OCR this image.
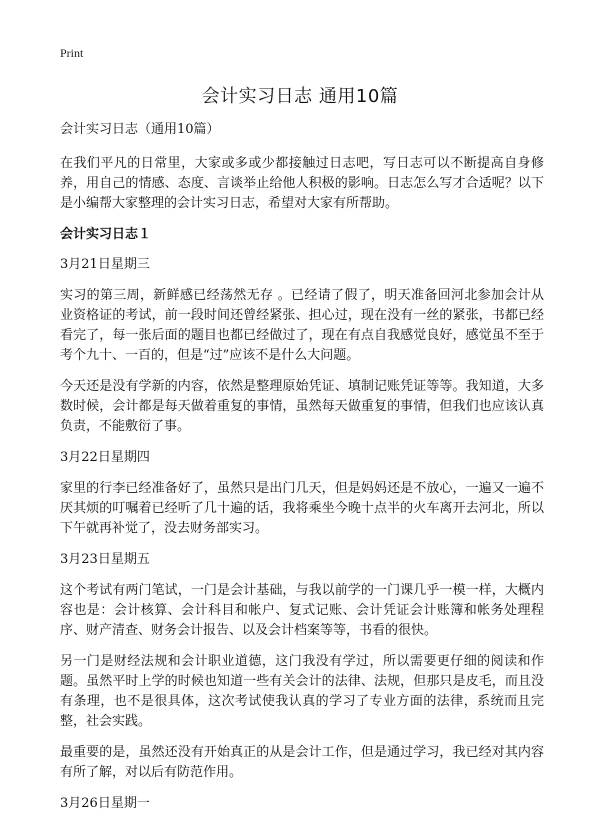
Print
会计实习日志 通用10篇

会计实习日志（通用10篇）

在我们平凡的日常里，大家或多或少都接触过日志吧，写日志可以不断提高自身修养，用自己的情感、态度、言谈举止给他人积极的影响。日志怎么写才合适呢？以下是小编帮大家整理的会计实习日志，希望对大家有所帮助。

会计实习日志１

3月21日星期三

实习的第三周，新鲜感已经荡然无存 。已经请了假了，明天准备回河北参加会计从业资格证的考试，前一段时间还曾经紧张、担心过，现在没有一丝的紧张，书都已经看完了，每一张后面的题目也都已经做过了，现在有点自我感觉良好，感觉虽不至于考个九十、一百的，但是“过”应该不是什么大问题。

今天还是没有学新的内容，依然是整理原始凭证、填制记账凭证等等。我知道，大多数时候，会计都是每天做着重复的事情，虽然每天做重复的事情，但我们也应该认真负责，不能敷衍了事。

3月22日星期四

家里的行李已经准备好了，虽然只是出门几天，但是妈妈还是不放心，一遍又一遍不厌其烦的叮嘱着已经听了几十遍的话，我将乘坐今晚十点半的火车离开去河北，所以下午就再补觉了，没去财务部实习。

3月23日星期五

这个考试有两门笔试，一门是会计基础，与我以前学的一门课几乎一模一样，大概内容也是：会计核算、会计科目和帐户、复式记账、会计凭证会计账簿和帐务处理程序、财产清查、财务会计报告、以及会计档案等等，书看的很快。

另一门是财经法规和会计职业道德，这门我没有学过，所以需要更仔细的阅读和作题。虽然平时上学的时候也知道一些有关会计的法律、法规，但那只是皮毛，而且没有条理，也不是很具体，这次考试使我认真的学习了专业方面的法律，系统而且完整，社会实践。

最重要的是，虽然还没有开始真正的从是会计工作，但是通过学习，我已经对其内容有所了解，对以后有防范作用。

3月26日星期一
